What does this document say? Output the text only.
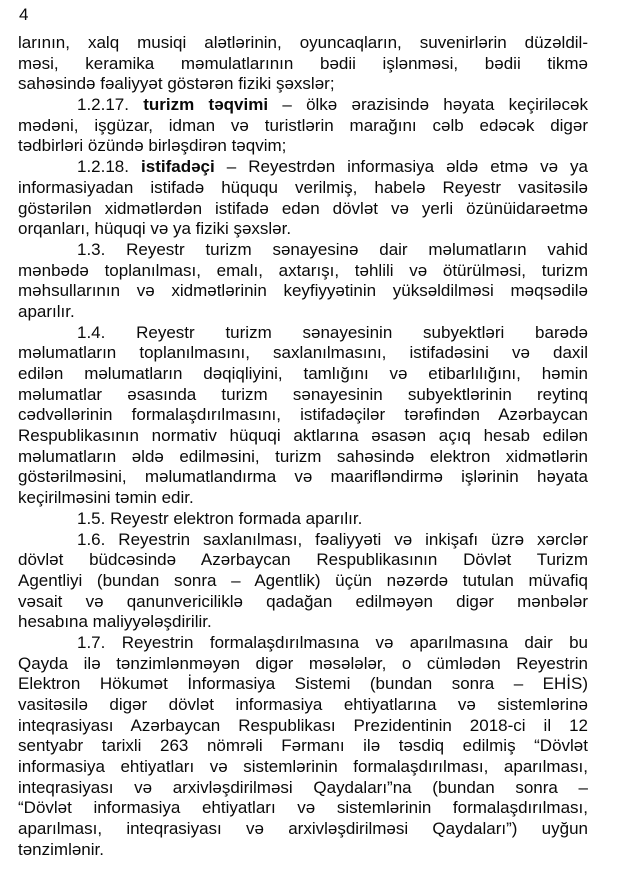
4
larının, xalq musiqi alətlərinin, oyuncaqların, suvenirlərin düzəldil-
məsi, keramika məmulatlarının bədii işlənməsi, bədii tikmə
sahəsində fəaliyyət göstərən fiziki şəxslər;
1.2.17. turizm təqvimi – ölkə ərazisində həyata keçiriləcək
mədəni, işgüzar, idman və turistlərin marağını cəlb edəcək digər
tədbirləri özündə birləşdirən təqvim;
1.2.18. istifadəçi – Reyestrdən informasiya əldə etmə və ya
informasiyadan istifadə hüququ verilmiş, habelə Reyestr vasitəsilə
göstərilən xidmətlərdən istifadə edən dövlət və yerli özünüidarəetmə
orqanları, hüquqi və ya fiziki şəxslər.
1.3. Reyestr turizm sənayesinə dair məlumatların vahid
mənbədə toplanılması, emalı, axtarışı, təhlili və ötürülməsi, turizm
məhsullarının və xidmətlərinin keyfiyyətinin yüksəldilməsi məqsədilə
aparılır.
1.4. Reyestr turizm sənayesinin subyektləri barədə
məlumatların toplanılmasını, saxlanılmasını, istifadəsini və daxil
edilən məlumatların dəqiqliyini, tamlığını və etibarlılığını, həmin
məlumatlar əsasında turizm sənayesinin subyektlərinin reytinq
cədvəllərinin formalaşdırılmasını, istifadəçilər tərəfindən Azərbaycan
Respublikasının normativ hüquqi aktlarına əsasən açıq hesab edilən
məlumatların əldə edilməsini, turizm sahəsində elektron xidmətlərin
göstərilməsini, məlumatlandırma və maarifləndirmə işlərinin həyata
keçirilməsini təmin edir.
1.5. Reyestr elektron formada aparılır.
1.6. Reyestrin saxlanılması, fəaliyyəti və inkişafı üzrə xərclər
dövlət büdcəsində Azərbaycan Respublikasının Dövlət Turizm
Agentliyi (bundan sonra – Agentlik) üçün nəzərdə tutulan müvafiq
vəsait və qanunvericiliklə qadağan edilməyən digər mənbələr
hesabına maliyyələşdirilir.
1.7. Reyestrin formalaşdırılmasına və aparılmasına dair bu
Qayda ilə tənzimlənməyən digər məsələlər, o cümlədən Reyestrin
Elektron Hökumət İnformasiya Sistemi (bundan sonra – EHİS)
vasitəsilə digər dövlət informasiya ehtiyatlarına və sistemlərinə
inteqrasiyası Azərbaycan Respublikası Prezidentinin 2018-ci il 12
sentyabr tarixli 263 nömrəli Fərmanı ilə təsdiq edilmiş “Dövlət
informasiya ehtiyatları və sistemlərinin formalaşdırılması, aparılması,
inteqrasiyası və arxivləşdirilməsi Qaydaları”na (bundan sonra –
“Dövlət informasiya ehtiyatları və sistemlərinin formalaşdırılması,
aparılması, inteqrasiyası və arxivləşdirilməsi Qaydaları”) uyğun
tənzimlənir.
